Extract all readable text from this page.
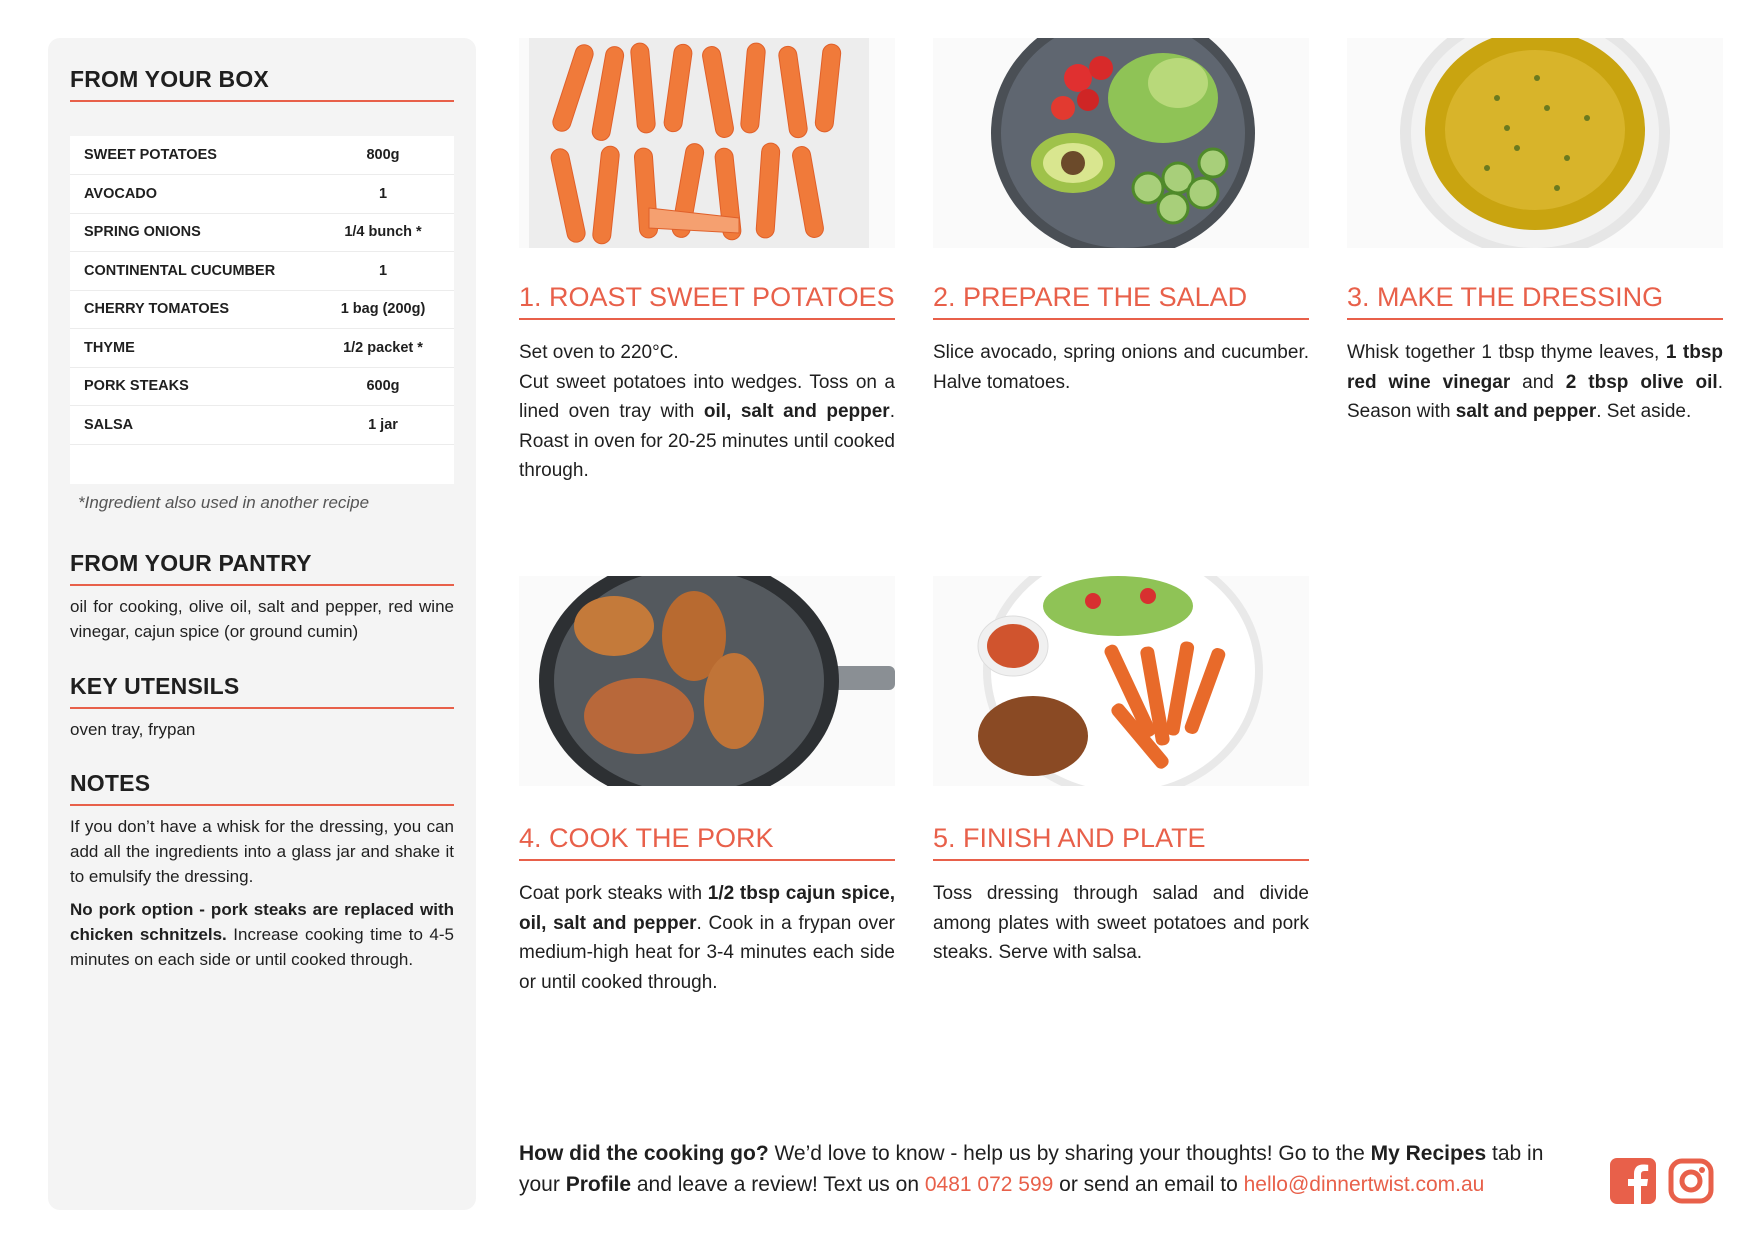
FROM YOUR BOX
SWEET POTATOES	800g
AVOCADO	1
SPRING ONIONS	1/4 bunch *
CONTINENTAL CUCUMBER	1
CHERRY TOMATOES	1 bag (200g)
THYME	1/2 packet *
PORK STEAKS	600g
SALSA	1 jar

*Ingredient also used in another recipe
FROM YOUR PANTRY

oil for cooking, olive oil, salt and pepper, red wine vinegar, cajun spice (or ground cumin)

KEY UTENSILS

oven tray, frypan

NOTES

If you don’t have a whisk for the dressing, you can add all the ingredients into a glass jar and shake it to emulsify the dressing.

No pork option - pork steaks are replaced with chicken schnitzels. Increase cooking time to 4-5 minutes on each side or until cooked through.

1. ROAST SWEET POTATOES

Set oven to 220°C.
Cut sweet potatoes into wedges. Toss on a lined oven tray with oil, salt and pepper. Roast in oven for 20-25 minutes until cooked through.

2. PREPARE THE SALAD

Slice avocado, spring onions and cucumber. Halve tomatoes.

3. MAKE THE DRESSING

Whisk together 1 tbsp thyme leaves, 1 tbsp red wine vinegar and 2 tbsp olive oil. Season with salt and pepper. Set aside.

4. COOK THE PORK

Coat pork steaks with 1/2 tbsp cajun spice, oil, salt and pepper. Cook in a frypan over medium-high heat for 3-4 minutes each side or until cooked through.

5. FINISH AND PLATE

Toss dressing through salad and divide among plates with sweet potatoes and pork steaks. Serve with salsa.

How did the cooking go? We’d love to know - help us by sharing your thoughts! Go to the My Recipes tab in your Profile and leave a review! Text us on 0481 072 599 or send an email to hello@dinnertwist.com.au
